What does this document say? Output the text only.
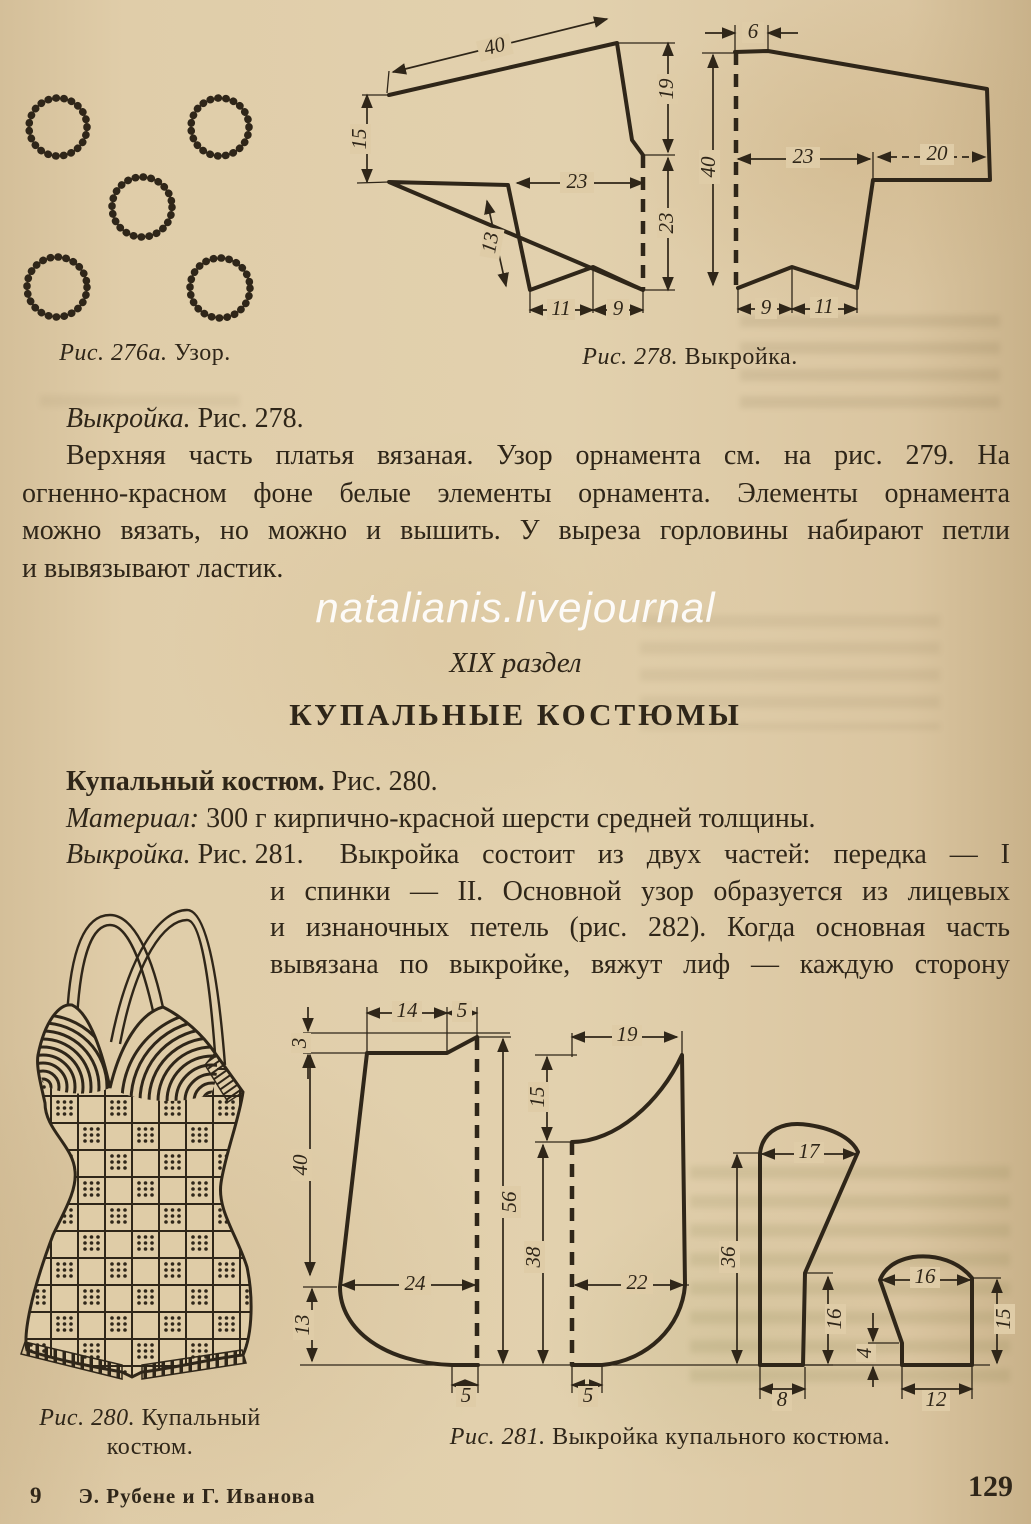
Рис. 276а. Узор.
40
15
23
13
11 9
19
23
6
40	23	20
9 11
Рис. 278. Выкройка.
Выкройка. Рис. 278.
Верхняя часть платья вязаная. Узор орнамента см. на рис. 279. На
огненно-красном фоне белые элементы орнамента. Элементы орнамента
можно вязать, но можно и вышить. У выреза горловины набирают петли
и вывязывают ластик.
natalianis.livejournal
XIX раздел
КУПАЛЬНЫЕ КОСТЮМЫ
Купальный костюм. Рис. 280.
Материал: 300 г кирпично-красной шерсти средней толщины.
Выкройка. Рис. 281. Выкройка состоит из двух частей: передка — I
и спинки — II. Основной узор образуется из лицевых
и изнаночных петель (рис. 282). Когда основная часть
вывязана по выкройке, вяжут лиф — каждую сторону
Рис. 280. Купальный
костюм.
14 5
3
40
13
24
56
5
19
15
38
22
5
17
36
16
8
16
15
4
12
Рис. 281. Выкройка купального костюма.
9 Э. Рубене и Г. Иванова	129
